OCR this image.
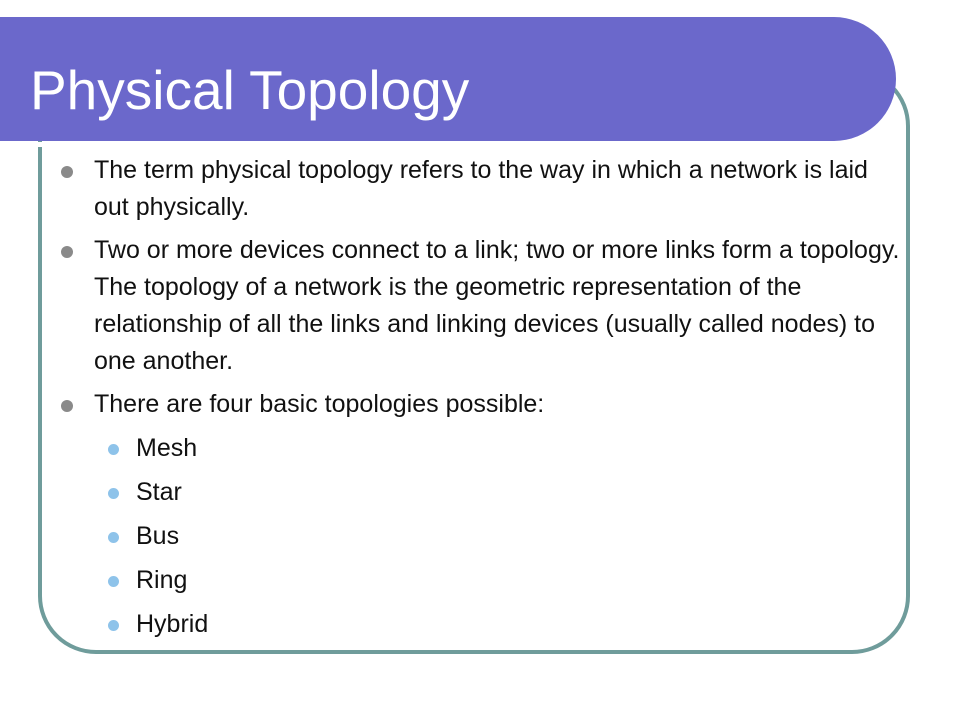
Physical Topology
The term physical topology refers to the way in which a network is laid out physically.
Two or more devices connect to a link; two or more links form a topology. The topology of a network is the geometric representation of the relationship of all the links and linking devices (usually called nodes) to one another.
There are four basic topologies possible:
Mesh
Star
Bus
Ring
Hybrid
